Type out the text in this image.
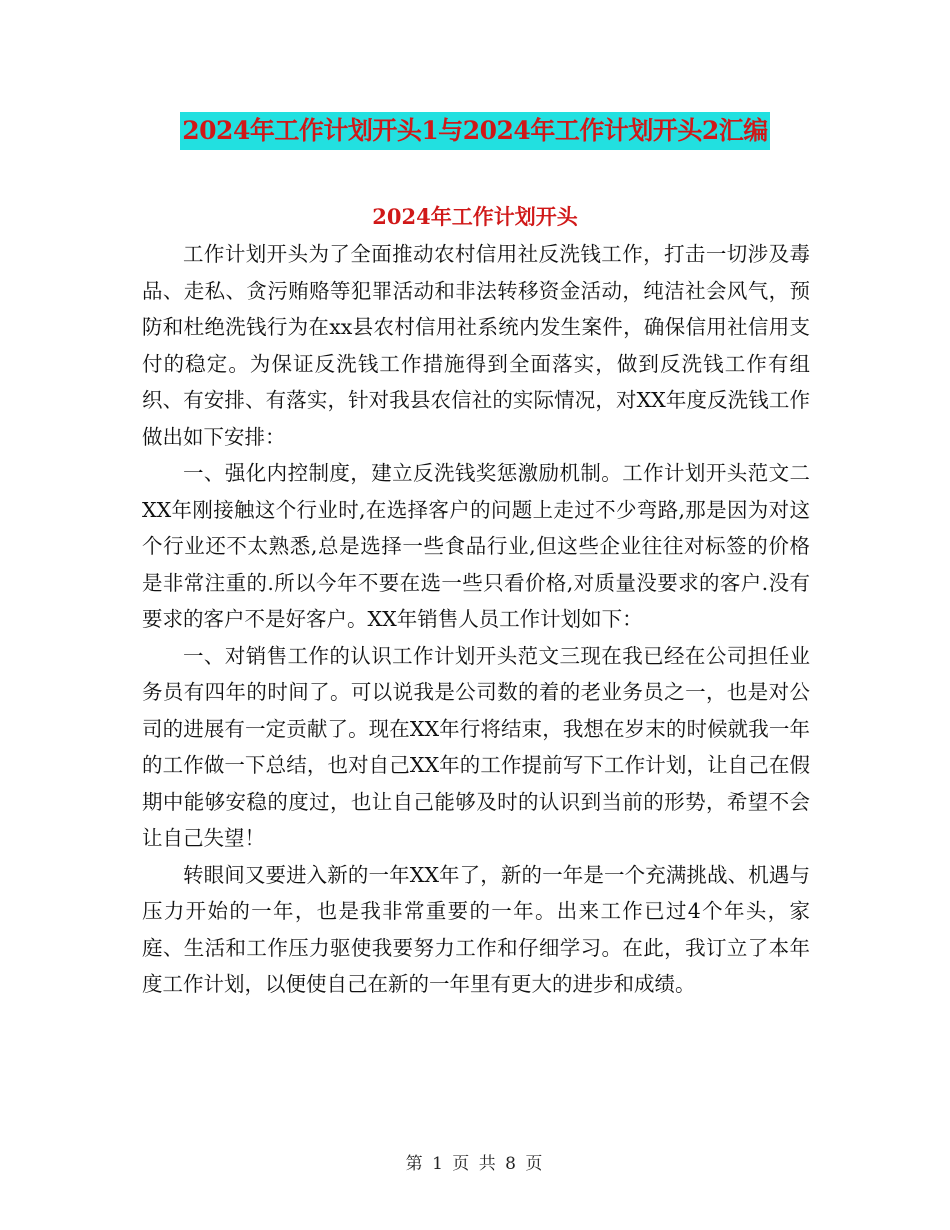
2024年工作计划开头1与2024年工作计划开头2汇编
2024年工作计划开头

工作计划开头为了全面推动农村信用社反洗钱工作，打击一切涉及毒品、走私、贪污贿赂等犯罪活动和非法转移资金活动，纯洁社会风气，预防和杜绝洗钱行为在xx县农村信用社系统内发生案件，确保信用社信用支付的稳定。为保证反洗钱工作措施得到全面落实，做到反洗钱工作有组织、有安排、有落实，针对我县农信社的实际情况，对XX年度反洗钱工作做出如下安排：

一、强化内控制度，建立反洗钱奖惩激励机制。工作计划开头范文二XX年刚接触这个行业时,在选择客户的问题上走过不少弯路,那是因为对这个行业还不太熟悉,总是选择一些食品行业,但这些企业往往对标签的价格是非常注重的.所以今年不要在选一些只看价格,对质量没要求的客户.没有要求的客户不是好客户。XX年销售人员工作计划如下：

一、对销售工作的认识工作计划开头范文三现在我已经在公司担任业务员有四年的时间了。可以说我是公司数的着的老业务员之一，也是对公司的进展有一定贡献了。现在XX年行将结束，我想在岁末的时候就我一年的工作做一下总结，也对自己XX年的工作提前写下工作计划，让自己在假期中能够安稳的度过，也让自己能够及时的认识到当前的形势，希望不会让自己失望！

转眼间又要进入新的一年XX年了，新的一年是一个充满挑战、机遇与压力开始的一年，也是我非常重要的一年。出来工作已过4个年头，家庭、生活和工作压力驱使我要努力工作和仔细学习。在此，我订立了本年度工作计划，以便使自己在新的一年里有更大的进步和成绩。

第 1 页 共 8 页
